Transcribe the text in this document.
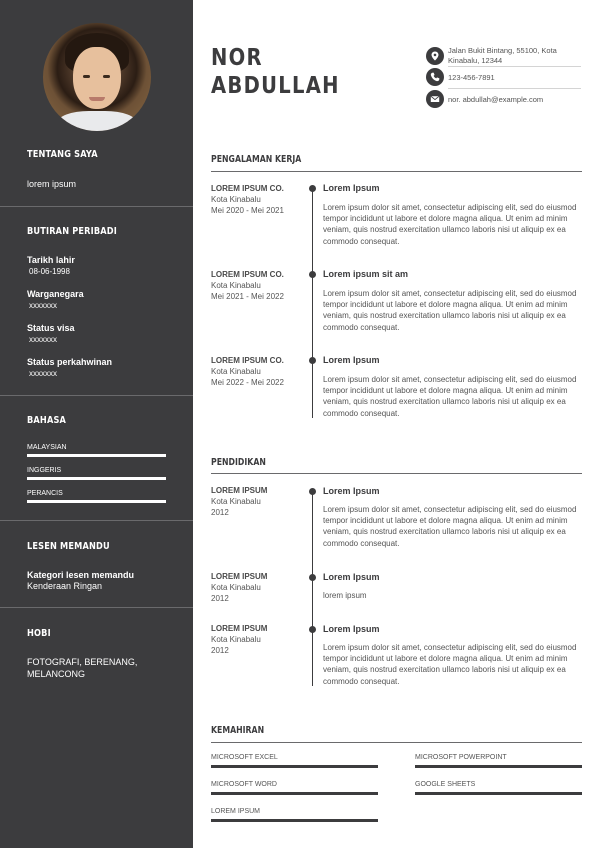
TENTANG SAYA
lorem ipsum
BUTIRAN PERIBADI
Tarikh lahir
08-06-1998
Warganegara
xxxxxxx
Status visa
xxxxxxx
Status perkahwinan
xxxxxxx
BAHASA
MALAYSIAN
INGGERIS
PERANCIS
LESEN MEMANDU
Kategori lesen memandu
Kenderaan Ringan
HOBI
FOTOGRAFI, BERENANG, MELANCONG
NOR
ABDULLAH
Jalan Bukit Bintang, 55100, Kota Kinabalu, 12344
123-456-7891
nor. abdullah@example.com
PENGALAMAN KERJA
LOREM IPSUM CO.
Kota Kinabalu
Mei 2020 - Mei 2021
Lorem Ipsum
Lorem ipsum dolor sit amet, consectetur adipiscing elit, sed do eiusmod tempor incididunt ut labore et dolore magna aliqua. Ut enim ad minim veniam, quis nostrud exercitation ullamco laboris nisi ut aliquip ex ea commodo consequat.
LOREM IPSUM CO.
Kota Kinabalu
Mei 2021 - Mei 2022
Lorem ipsum sit am
Lorem ipsum dolor sit amet, consectetur adipiscing elit, sed do eiusmod tempor incididunt ut labore et dolore magna aliqua. Ut enim ad minim veniam, quis nostrud exercitation ullamco laboris nisi ut aliquip ex ea commodo consequat.
LOREM IPSUM CO.
Kota Kinabalu
Mei 2022 - Mei 2022
Lorem Ipsum
Lorem ipsum dolor sit amet, consectetur adipiscing elit, sed do eiusmod tempor incididunt ut labore et dolore magna aliqua. Ut enim ad minim veniam, quis nostrud exercitation ullamco laboris nisi ut aliquip ex ea commodo consequat.
PENDIDIKAN
LOREM IPSUM
Kota Kinabalu
2012
Lorem Ipsum
Lorem ipsum dolor sit amet, consectetur adipiscing elit, sed do eiusmod tempor incididunt ut labore et dolore magna aliqua. Ut enim ad minim veniam, quis nostrud exercitation ullamco laboris nisi ut aliquip ex ea commodo consequat.
LOREM IPSUM
Kota Kinabalu
2012
Lorem Ipsum
lorem ipsum
LOREM IPSUM
Kota Kinabalu
2012
Lorem Ipsum
Lorem ipsum dolor sit amet, consectetur adipiscing elit, sed do eiusmod tempor incididunt ut labore et dolore magna aliqua. Ut enim ad minim veniam, quis nostrud exercitation ullamco laboris nisi ut aliquip ex ea commodo consequat.
KEMAHIRAN
MICROSOFT EXCEL	MICROSOFT POWERPOINT
MICROSOFT WORD	GOOGLE SHEETS
LOREM IPSUM
